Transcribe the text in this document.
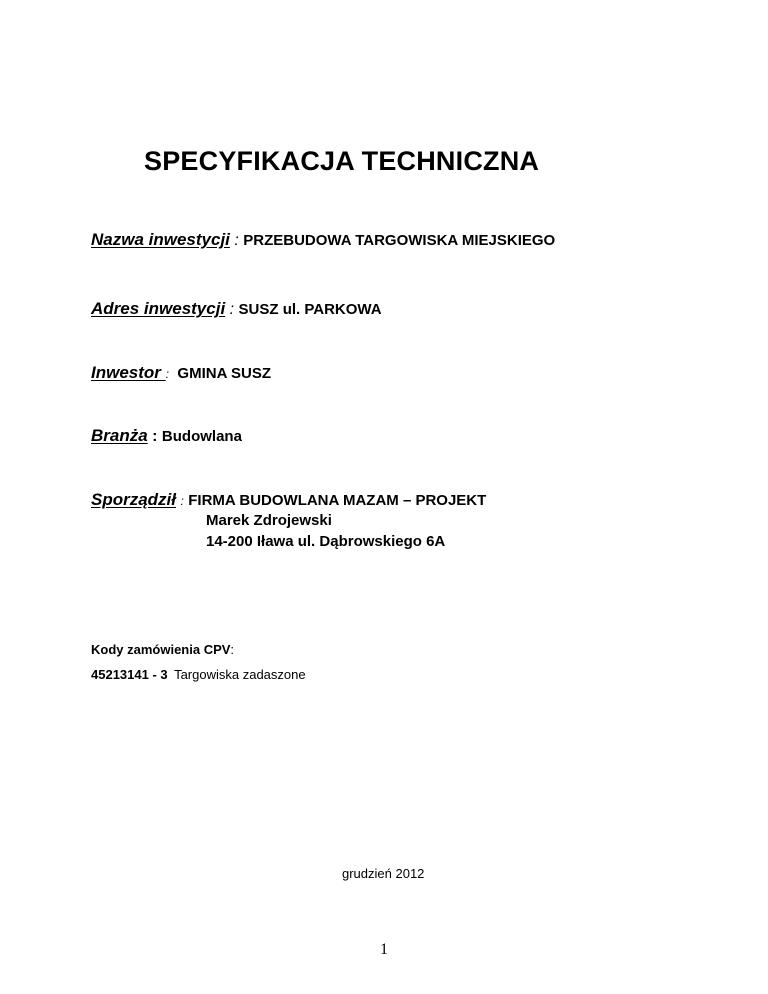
SPECYFIKACJA TECHNICZNA
Nazwa inwestycji : PRZEBUDOWA TARGOWISKA MIEJSKIEGO
Adres inwestycji : SUSZ ul. PARKOWA
Inwestor : GMINA SUSZ
Branża : Budowlana
Sporządził : FIRMA BUDOWLANA MAZAM – PROJEKT
Marek Zdrojewski
14-200 Iława ul. Dąbrowskiego 6A
Kody zamówienia CPV:
45213141 - 3 Targowiska zadaszone
grudzień 2012
1
